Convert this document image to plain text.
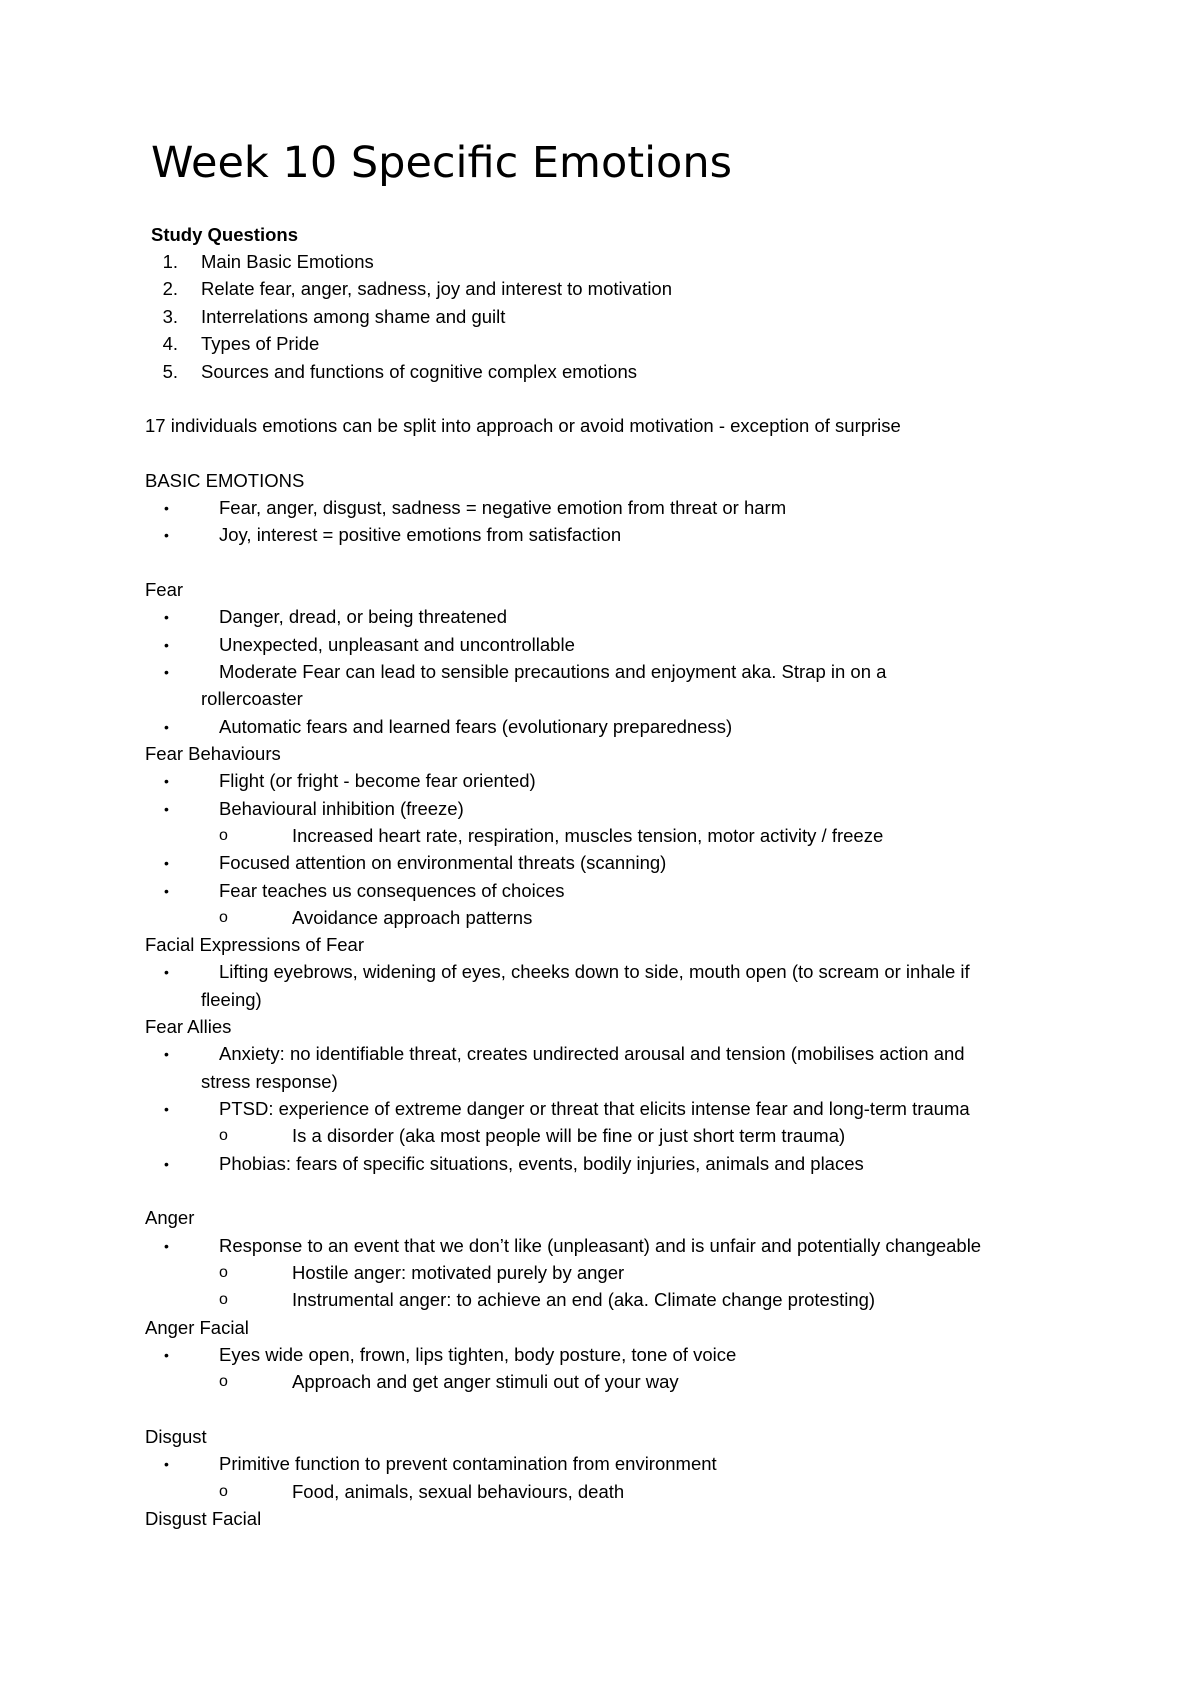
Week 10 Specific Emotions
Study Questions
1. Main Basic Emotions
2. Relate fear, anger, sadness, joy and interest to motivation
3. Interrelations among shame and guilt
4. Types of Pride
5. Sources and functions of cognitive complex emotions
17 individuals emotions can be split into approach or avoid motivation - exception of surprise
BASIC EMOTIONS
•	Fear, anger, disgust, sadness = negative emotion from threat or harm
•	Joy, interest = positive emotions from satisfaction
Fear
•	Danger, dread, or being threatened
•	Unexpected, unpleasant and uncontrollable
•	Moderate Fear can lead to sensible precautions and enjoyment aka. Strap in on a
rollercoaster
•	Automatic fears and learned fears (evolutionary preparedness)
Fear Behaviours
•	Flight (or fright - become fear oriented)
•	Behavioural inhibition (freeze)
o	Increased heart rate, respiration, muscles tension, motor activity / freeze
•	Focused attention on environmental threats (scanning)
•	Fear teaches us consequences of choices
o	Avoidance approach patterns
Facial Expressions of Fear
•	Lifting eyebrows, widening of eyes, cheeks down to side, mouth open (to scream or inhale if
fleeing)
Fear Allies
•	Anxiety: no identifiable threat, creates undirected arousal and tension (mobilises action and
stress response)
•	PTSD: experience of extreme danger or threat that elicits intense fear and long-term trauma
o	Is a disorder (aka most people will be fine or just short term trauma)
•	Phobias: fears of specific situations, events, bodily injuries, animals and places
Anger
•	Response to an event that we don’t like (unpleasant) and is unfair and potentially changeable
o	Hostile anger: motivated purely by anger
o	Instrumental anger: to achieve an end (aka. Climate change protesting)
Anger Facial
•	Eyes wide open, frown, lips tighten, body posture, tone of voice
o	Approach and get anger stimuli out of your way
Disgust
•	Primitive function to prevent contamination from environment
o	Food, animals, sexual behaviours, death
Disgust Facial
